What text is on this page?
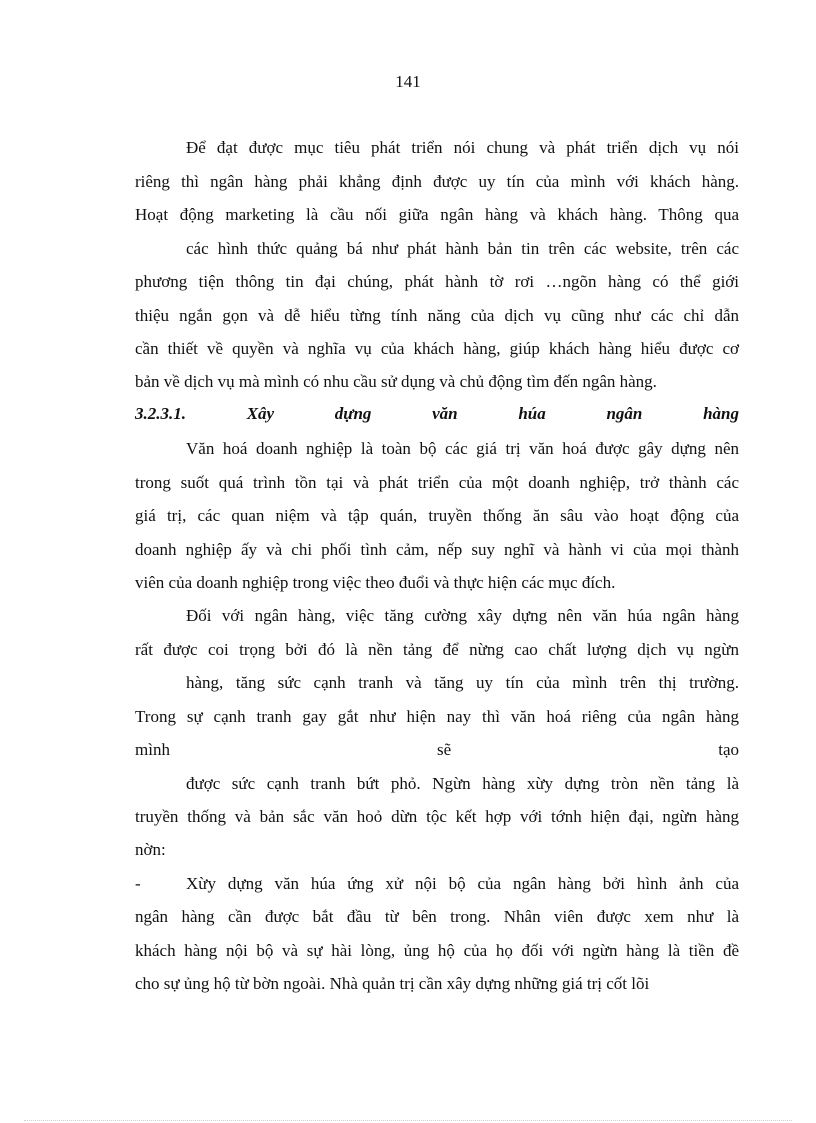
141
Để đạt được mục tiêu phát triển nói chung và phát triển dịch vụ nói
riêng thì ngân hàng phải khẳng định được uy tín của mình với khách hàng.
Hoạt động marketing là cầu nối giữa ngân hàng và khách hàng. Thông qua
các hình thức quảng bá như phát hành bản tin trên các website, trên các
phương tiện thông tin đại chúng, phát hành tờ rơi …ngõn hàng có thể giới
thiệu ngắn gọn và dễ hiểu từng tính năng của dịch vụ cũng như các chỉ dẫn
cần thiết về quyền và nghĩa vụ của khách hàng, giúp khách hàng hiểu được cơ
bản về dịch vụ mà mình có nhu cầu sử dụng và chủ động tìm đến ngân hàng.
3.2.3.1. Xây dựng văn húa ngân hàng
Văn hoá doanh nghiệp là toàn bộ các giá trị văn hoá được gây dựng nên
trong suốt quá trình tồn tại và phát triển của một doanh nghiệp, trở thành các
giá trị, các quan niệm và tập quán, truyền thống ăn sâu vào hoạt động của
doanh nghiệp ấy và chi phối tình cảm, nếp suy nghĩ và hành vi của mọi thành
viên của doanh nghiệp trong việc theo đuổi và thực hiện các mục đích.
Đối với ngân hàng, việc tăng cường xây dựng nên văn húa ngân hàng
rất được coi trọng bởi đó là nền tảng để nừng cao chất lượng dịch vụ ngừn
hàng, tăng sức cạnh tranh và tăng uy tín của mình trên thị trường.
Trong sự cạnh tranh gay gắt như hiện nay thì văn hoá riêng của ngân hàng
mình sẽ tạo
được sức cạnh tranh bứt phỏ. Ngừn hàng xừy dựng tròn nền tảng là
truyền thống và bản sắc văn hoỏ dừn tộc kết hợp với tớnh hiện đại, ngừn hàng
nờn:
-	Xừy dựng văn húa ứng xử nội bộ của ngân hàng bởi hình ảnh của
ngân hàng cần được bắt đầu từ bên trong. Nhân viên được xem như là
khách hàng nội bộ và sự hài lòng, ủng hộ của họ đối với ngừn hàng là tiền đề
cho sự ủng hộ từ bờn ngoài. Nhà quản trị cần xây dựng những giá trị cốt lõi
